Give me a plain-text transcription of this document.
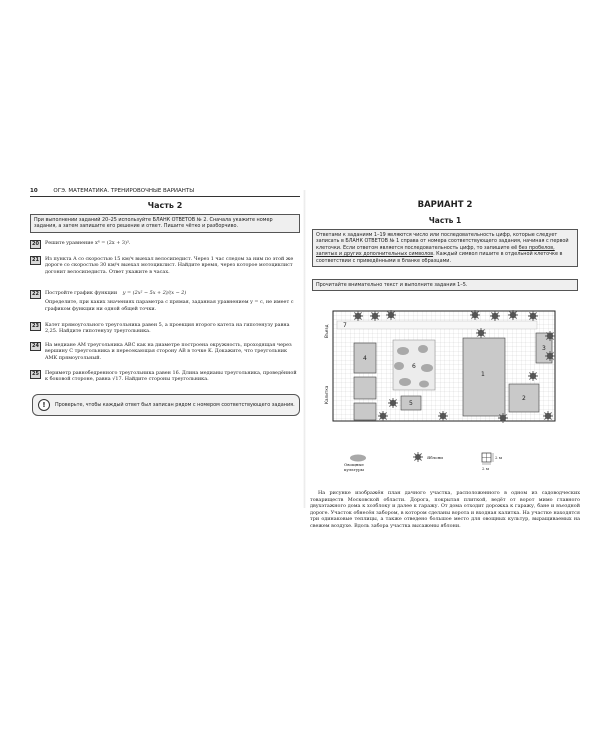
10	ОГЭ. МАТЕМАТИКА. ТРЕНИРОВОЧНЫЕ ВАРИАНТЫ
Часть 2
При выполнении заданий 20–25 используйте БЛАНК ОТВЕТОВ № 2. Сначала укажите номер задания, а затем запишите его решение и ответ. Пишите чётко и разборчиво.
20	Решите уравнение x⁶ = (2x + 3)³.
21	Из пункта A со скоростью 15 км/ч выехал велосипедист. Через 1 час следом за ним по этой же дороге со скоростью 30 км/ч выехал мотоциклист. Найдите время, через которое мотоциклист догонит велосипедиста. Ответ укажите в часах.
22	Постройте график функции y = (2x² − 5x + 2)/(x − 2)
Определите, при каких значениях параметра c прямая, заданная уравнением y = c, не имеет с графиком функции ни одной общей точки.
23	Катет прямоугольного треугольника равен 5, а проекция второго катета на гипотенузу равна 2,25. Найдите гипотенузу треугольника.
24	На медиане AM треугольника ABC как на диаметре построена окружность, проходящая через вершину C треугольника и пересекающая сторону AB в точке K. Докажите, что треугольник AMK прямоугольный.
25	Периметр равнобедренного треугольника равен 16. Длина медианы треугольника, проведённой к боковой стороне, равна √17. Найдите стороны треугольника.
!	Проверьте, чтобы каждый ответ был записан рядом с номером соответствующего задания.
ВАРИАНТ 2
Часть 1
Ответами к заданиям 1–19 являются число или последовательность цифр, которые следует записать в БЛАНК ОТВЕТОВ № 1 справа от номера соответствующего задания, начиная с первой клеточки. Если ответом является последовательность цифр, то запишите её без пробелов, запятых и других дополнительных символов. Каждый символ пишите в отдельной клеточке в соответствии с приведёнными в бланке образцами.
Прочитайте внимательно текст и выполните задания 1–5.
1
2
3
4
5
6
7
Въезд
Калитка
Овощные культуры
Яблони	2 м
2 м
На рисунке изображён план дачного участка, расположенного в одном из садоводческих товариществ Московской области. Дорога, покрытая плиткой, ведёт от ворот мимо главного двухэтажного дома к хозблоку и далее к гаражу. От дома отходит дорожка к гаражу, бане и въездной дороге. Участок обнесён забором, в котором сделаны ворота и входная калитка. На участке находятся три одинаковые теплицы, а также отведено большое место для овощных культур, выращиваемых на свежем воздухе. Вдоль забора участка высажены яблони.
